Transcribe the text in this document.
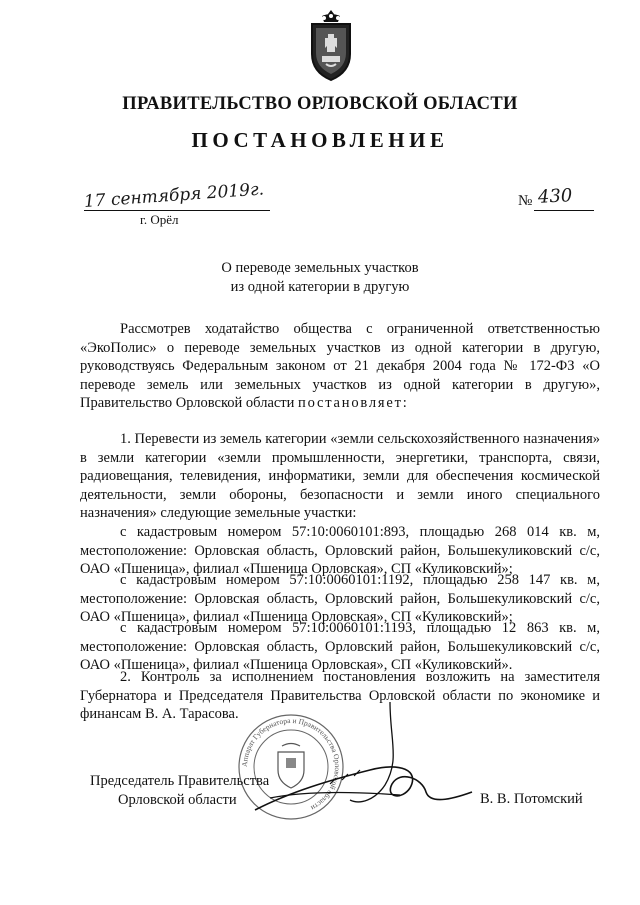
ПРАВИТЕЛЬСТВО ОРЛОВСКОЙ ОБЛАСТИ
ПОСТАНОВЛЕНИЕ
17 сентября 2019г.
г. Орёл
№ 430
О переводе земельных участков
из одной категории в другую

Рассмотрев ходатайство общества с ограниченной ответственностью «ЭкоПолис» о переводе земельных участков из одной категории в другую, руководствуясь Федеральным законом от 21 декабря 2004 года № 172-ФЗ «О переводе земель или земельных участков из одной категории в другую», Правительство Орловской области постановляет:

1. Перевести из земель категории «земли сельскохозяйственного назначения» в земли категории «земли промышленности, энергетики, транспорта, связи, радиовещания, телевидения, информатики, земли для обеспечения космической деятельности, земли обороны, безопасности и земли иного специального назначения» следующие земельные участки:

с кадастровым номером 57:10:0060101:893, площадью 268 014 кв. м, местоположение: Орловская область, Орловский район, Большекуликовский с/с, ОАО «Пшеница», филиал «Пшеница Орловская», СП «Куликовский»;

с кадастровым номером 57:10:0060101:1192, площадью 258 147 кв. м, местоположение: Орловская область, Орловский район, Большекуликовский с/с, ОАО «Пшеница», филиал «Пшеница Орловская», СП «Куликовский»;

с кадастровым номером 57:10:0060101:1193, площадью 12 863 кв. м, местоположение: Орловская область, Орловский район, Большекуликовский с/с, ОАО «Пшеница», филиал «Пшеница Орловская», СП «Куликовский».

2. Контроль за исполнением постановления возложить на заместителя Губернатора и Председателя Правительства Орловской области по экономике и финансам В. А. Тарасова.

Аппарат Губернатора и Правительства Орловской области
Председатель Правительства
Орловской области	В. В. Потомский
